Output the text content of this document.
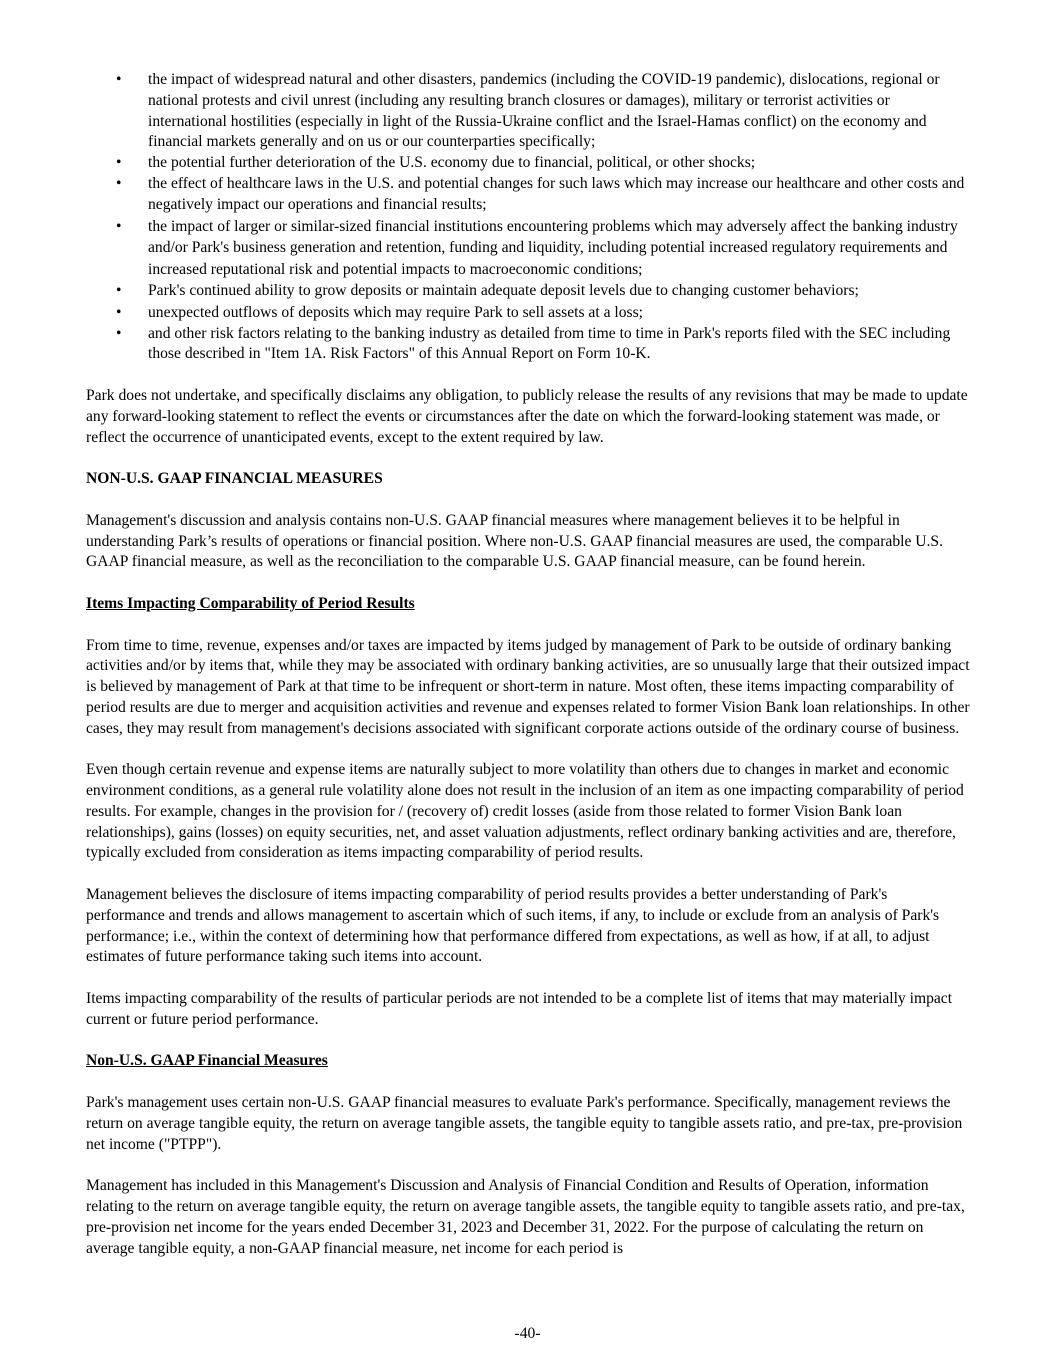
• the impact of widespread natural and other disasters, pandemics (including the COVID-19 pandemic), dislocations, regional or national protests and civil unrest (including any resulting branch closures or damages), military or terrorist activities or international hostilities (especially in light of the Russia-Ukraine conflict and the Israel-Hamas conflict) on the economy and financial markets generally and on us or our counterparties specifically;
• the potential further deterioration of the U.S. economy due to financial, political, or other shocks;
• the effect of healthcare laws in the U.S. and potential changes for such laws which may increase our healthcare and other costs and negatively impact our operations and financial results;
• the impact of larger or similar-sized financial institutions encountering problems which may adversely affect the banking industry and/or Park's business generation and retention, funding and liquidity, including potential increased regulatory requirements and increased reputational risk and potential impacts to macroeconomic conditions;
• Park's continued ability to grow deposits or maintain adequate deposit levels due to changing customer behaviors;
• unexpected outflows of deposits which may require Park to sell assets at a loss;
• and other risk factors relating to the banking industry as detailed from time to time in Park's reports filed with the SEC including those described in "Item 1A. Risk Factors" of this Annual Report on Form 10-K.

Park does not undertake, and specifically disclaims any obligation, to publicly release the results of any revisions that may be made to update any forward-looking statement to reflect the events or circumstances after the date on which the forward-looking statement was made, or reflect the occurrence of unanticipated events, except to the extent required by law.

NON-U.S. GAAP FINANCIAL MEASURES

Management's discussion and analysis contains non-U.S. GAAP financial measures where management believes it to be helpful in understanding Park’s results of operations or financial position. Where non-U.S. GAAP financial measures are used, the comparable U.S. GAAP financial measure, as well as the reconciliation to the comparable U.S. GAAP financial measure, can be found herein.

Items Impacting Comparability of Period Results

From time to time, revenue, expenses and/or taxes are impacted by items judged by management of Park to be outside of ordinary banking activities and/or by items that, while they may be associated with ordinary banking activities, are so unusually large that their outsized impact is believed by management of Park at that time to be infrequent or short-term in nature. Most often, these items impacting comparability of period results are due to merger and acquisition activities and revenue and expenses related to former Vision Bank loan relationships. In other cases, they may result from management's decisions associated with significant corporate actions outside of the ordinary course of business.

Even though certain revenue and expense items are naturally subject to more volatility than others due to changes in market and economic environment conditions, as a general rule volatility alone does not result in the inclusion of an item as one impacting comparability of period results. For example, changes in the provision for / (recovery of) credit losses (aside from those related to former Vision Bank loan relationships), gains (losses) on equity securities, net, and asset valuation adjustments, reflect ordinary banking activities and are, therefore, typically excluded from consideration as items impacting comparability of period results.

Management believes the disclosure of items impacting comparability of period results provides a better understanding of Park's performance and trends and allows management to ascertain which of such items, if any, to include or exclude from an analysis of Park's performance; i.e., within the context of determining how that performance differed from expectations, as well as how, if at all, to adjust estimates of future performance taking such items into account.

Items impacting comparability of the results of particular periods are not intended to be a complete list of items that may materially impact current or future period performance.

Non-U.S. GAAP Financial Measures

Park's management uses certain non-U.S. GAAP financial measures to evaluate Park's performance. Specifically, management reviews the return on average tangible equity, the return on average tangible assets, the tangible equity to tangible assets ratio, and pre-tax, pre-provision net income ("PTPP").

Management has included in this Management's Discussion and Analysis of Financial Condition and Results of Operation, information relating to the return on average tangible equity, the return on average tangible assets, the tangible equity to tangible assets ratio, and pre-tax, pre-provision net income for the years ended December 31, 2023 and December 31, 2022. For the purpose of calculating the return on average tangible equity, a non-GAAP financial measure, net income for each period is

-40-
